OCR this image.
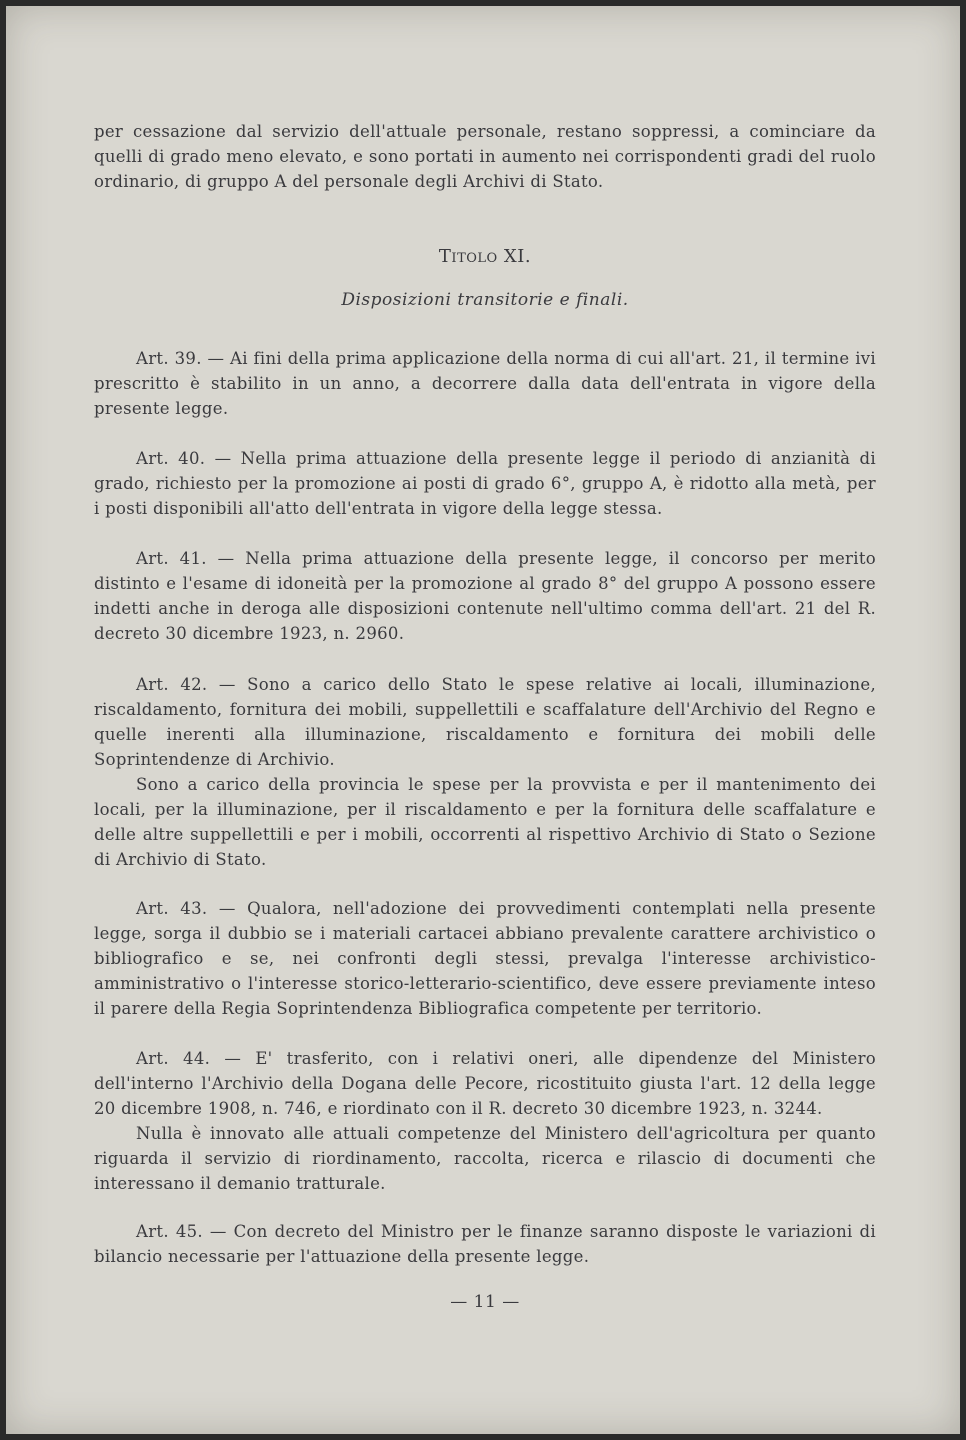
per cessazione dal servizio dell'attuale personale, restano soppressi, a cominciare da quelli di grado meno elevato, e sono portati in aumento nei corrispondenti gradi del ruolo ordinario, di gruppo A del personale degli Archivi di Stato.

Titolo XI.
Disposizioni transitorie e finali.

Art. 39. — Ai fini della prima applicazione della norma di cui all'art. 21, il termine ivi prescritto è stabilito in un anno, a decorrere dalla data dell'entrata in vigore della presente legge.

Art. 40. — Nella prima attuazione della presente legge il periodo di anzianità di grado, richiesto per la promozione ai posti di grado 6°, gruppo A, è ridotto alla metà, per i posti disponibili all'atto dell'entrata in vigore della legge stessa.

Art. 41. — Nella prima attuazione della presente legge, il concorso per merito distinto e l'esame di idoneità per la promozione al grado 8° del gruppo A possono essere indetti anche in deroga alle disposizioni contenute nell'ultimo comma dell'art. 21 del R. decreto 30 dicembre 1923, n. 2960.

Art. 42. — Sono a carico dello Stato le spese relative ai locali, illuminazione, riscaldamento, fornitura dei mobili, suppellettili e scaffalature dell'Archivio del Regno e quelle inerenti alla illuminazione, riscaldamento e fornitura dei mobili delle Soprintendenze di Archivio.

Sono a carico della provincia le spese per la provvista e per il mantenimento dei locali, per la illuminazione, per il riscaldamento e per la fornitura delle scaffalature e delle altre suppellettili e per i mobili, occorrenti al rispettivo Archivio di Stato o Sezione di Archivio di Stato.

Art. 43. — Qualora, nell'adozione dei provvedimenti contemplati nella presente legge, sorga il dubbio se i materiali cartacei abbiano prevalente carattere archivistico o bibliografico e se, nei confronti degli stessi, prevalga l'interesse archivistico-amministrativo o l'interesse storico-letterario-scientifico, deve essere previamente inteso il parere della Regia Soprintendenza Bibliografica competente per territorio.

Art. 44. — E' trasferito, con i relativi oneri, alle dipendenze del Ministero dell'interno l'Archivio della Dogana delle Pecore, ricostituito giusta l'art. 12 della legge 20 dicembre 1908, n. 746, e riordinato con il R. decreto 30 dicembre 1923, n. 3244.

Nulla è innovato alle attuali competenze del Ministero dell'agricoltura per quanto riguarda il servizio di riordinamento, raccolta, ricerca e rilascio di documenti che interessano il demanio tratturale.

Art. 45. — Con decreto del Ministro per le finanze saranno disposte le variazioni di bilancio necessarie per l'attuazione della presente legge.

— 11 —
